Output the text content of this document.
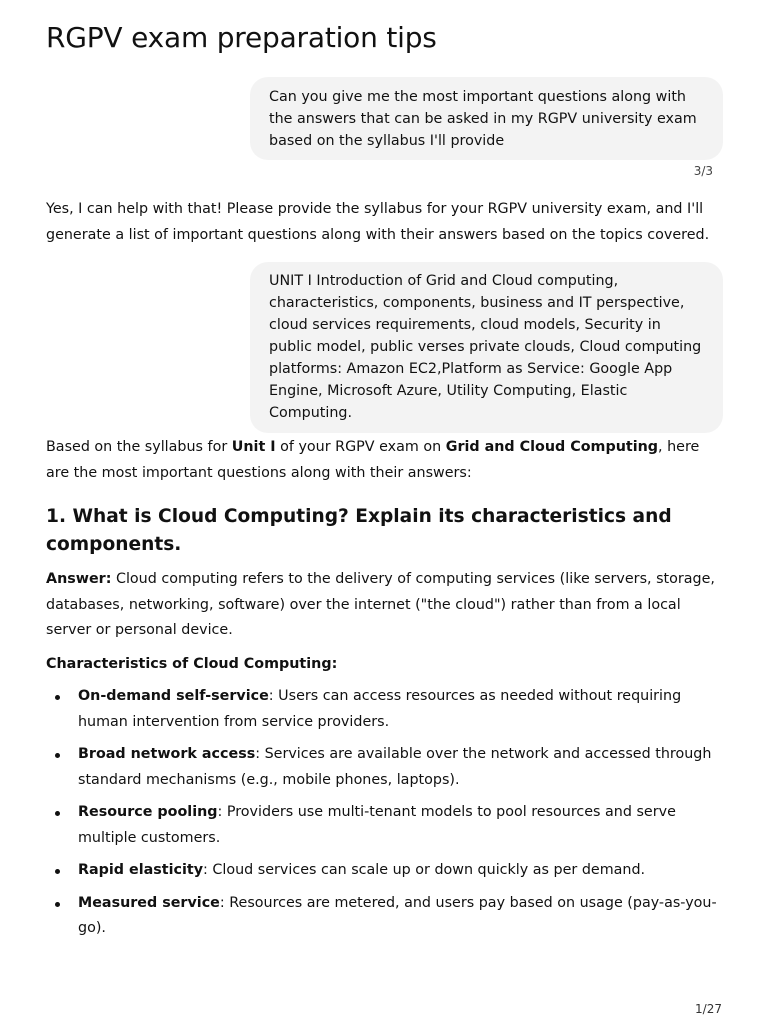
RGPV exam preparation tips

Can you give me the most important questions along with the answers that can be asked in my RGPV university exam based on the syllabus I'll provide

3/3

Yes, I can help with that! Please provide the syllabus for your RGPV university exam, and I'll generate a list of important questions along with their answers based on the topics covered.

UNIT I Introduction of Grid and Cloud computing, characteristics, components, business and IT perspective, cloud services requirements, cloud models, Security in public model, public verses private clouds, Cloud computing platforms: Amazon EC2,Platform as Service: Google App Engine, Microsoft Azure, Utility Computing, Elastic Computing.

Based on the syllabus for Unit I of your RGPV exam on Grid and Cloud Computing, here are the most important questions along with their answers:

1. What is Cloud Computing? Explain its characteristics and components.

Answer: Cloud computing refers to the delivery of computing services (like servers, storage, databases, networking, software) over the internet ("the cloud") rather than from a local server or personal device.

Characteristics of Cloud Computing:

On-demand self-service: Users can access resources as needed without requiring human intervention from service providers.
Broad network access: Services are available over the network and accessed through standard mechanisms (e.g., mobile phones, laptops).
Resource pooling: Providers use multi-tenant models to pool resources and serve multiple customers.
Rapid elasticity: Cloud services can scale up or down quickly as per demand.
Measured service: Resources are metered, and users pay based on usage (pay-as-you-go).
1/27
